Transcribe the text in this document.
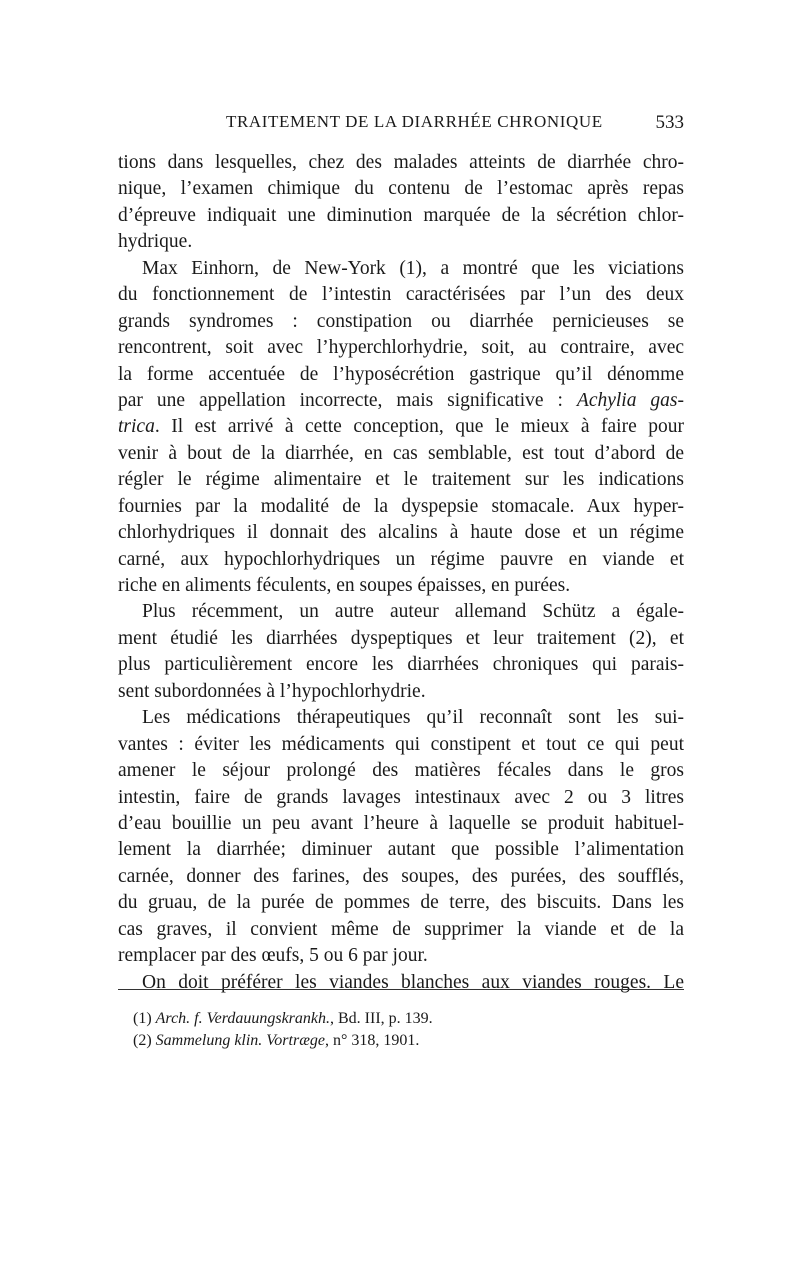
TRAITEMENT DE LA DIARRHÉE CHRONIQUE	533
tions dans lesquelles, chez des malades atteints de diarrhée chro-
nique, l’examen chimique du contenu de l’estomac après repas
d’épreuve indiquait une diminution marquée de la sécrétion chlor-
hydrique.
Max Einhorn, de New-York (1), a montré que les viciations
du fonctionnement de l’intestin caractérisées par l’un des deux
grands syndromes : constipation ou diarrhée pernicieuses se
rencontrent, soit avec l’hyperchlorhydrie, soit, au contraire, avec
la forme accentuée de l’hyposécrétion gastrique qu’il dénomme
par une appellation incorrecte, mais significative : Achylia gas-
trica. Il est arrivé à cette conception, que le mieux à faire pour
venir à bout de la diarrhée, en cas semblable, est tout d’abord de
régler le régime alimentaire et le traitement sur les indications
fournies par la modalité de la dyspepsie stomacale. Aux hyper-
chlorhydriques il donnait des alcalins à haute dose et un régime
carné, aux hypochlorhydriques un régime pauvre en viande et
riche en aliments féculents, en soupes épaisses, en purées.
Plus récemment, un autre auteur allemand Schütz a égale-
ment étudié les diarrhées dyspeptiques et leur traitement (2), et
plus particulièrement encore les diarrhées chroniques qui parais-
sent subordonnées à l’hypochlorhydrie.
Les médications thérapeutiques qu’il reconnaît sont les sui-
vantes : éviter les médicaments qui constipent et tout ce qui peut
amener le séjour prolongé des matières fécales dans le gros
intestin, faire de grands lavages intestinaux avec 2 ou 3 litres
d’eau bouillie un peu avant l’heure à laquelle se produit habituel-
lement la diarrhée; diminuer autant que possible l’alimentation
carnée, donner des farines, des soupes, des purées, des soufflés,
du gruau, de la purée de pommes de terre, des biscuits. Dans les
cas graves, il convient même de supprimer la viande et de la
remplacer par des œufs, 5 ou 6 par jour.
On doit préférer les viandes blanches aux viandes rouges. Le
(1) Arch. f. Verdauungskrankh., Bd. III, p. 139.
(2) Sammelung klin. Vortræge, n° 318, 1901.
